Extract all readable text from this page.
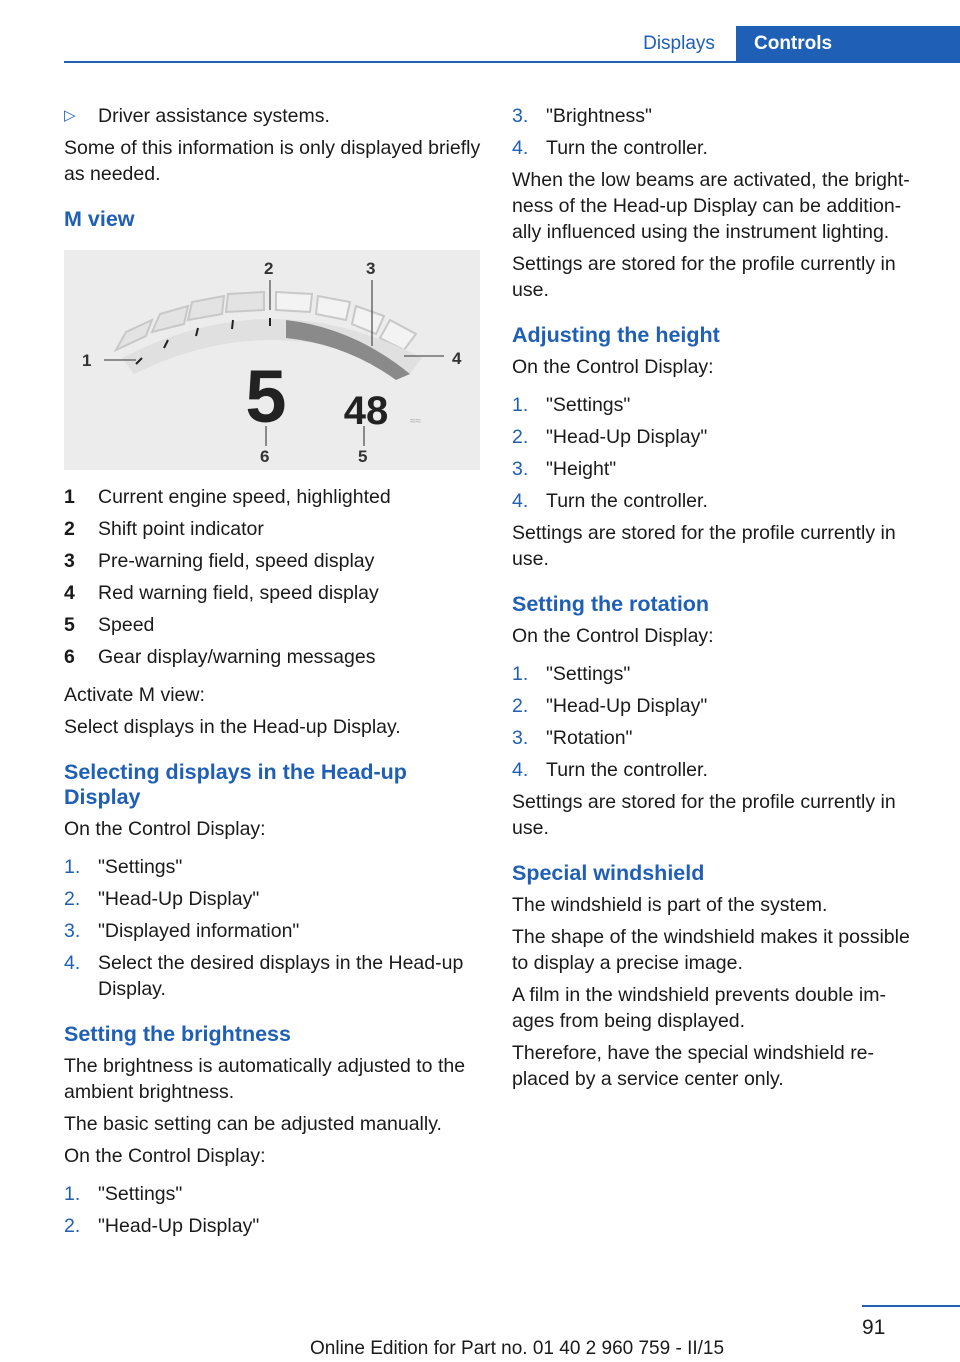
Displays	Controls
▷ Driver assistance systems.

Some of this information is only displayed briefly as needed.

M view
5 48 ≈≈
1
2	3
4
5
6
1	Current engine speed, highlighted
2	Shift point indicator
3	Pre-warning field, speed display
4	Red warning field, speed display
5	Speed
6	Gear display/warning messages

Activate M view:

Select displays in the Head-up Display.

Selecting displays in the Head-up Display

On the Control Display:

1. "Settings"
2. "Head-Up Display"
3. "Displayed information"
4. Select the desired displays in the Head-up Display.
Setting the brightness

The brightness is automatically adjusted to the ambient brightness.

The basic setting can be adjusted manually.

On the Control Display:

1. "Settings"
2. "Head-Up Display"
3. "Brightness"
4. Turn the controller.

When the low beams are activated, the bright‐ness of the Head-up Display can be addition‐ally influenced using the instrument lighting.

Settings are stored for the profile currently in use.

Adjusting the height

On the Control Display:

1. "Settings"
2. "Head-Up Display"
3. "Height"
4. Turn the controller.

Settings are stored for the profile currently in use.

Setting the rotation

On the Control Display:

1. "Settings"
2. "Head-Up Display"
3. "Rotation"
4. Turn the controller.

Settings are stored for the profile currently in use.

Special windshield

The windshield is part of the system.

The shape of the windshield makes it possible to display a precise image.

A film in the windshield prevents double im‐ages from being displayed.

Therefore, have the special windshield re‐placed by a service center only.

91
Online Edition for Part no. 01 40 2 960 759 - II/15
